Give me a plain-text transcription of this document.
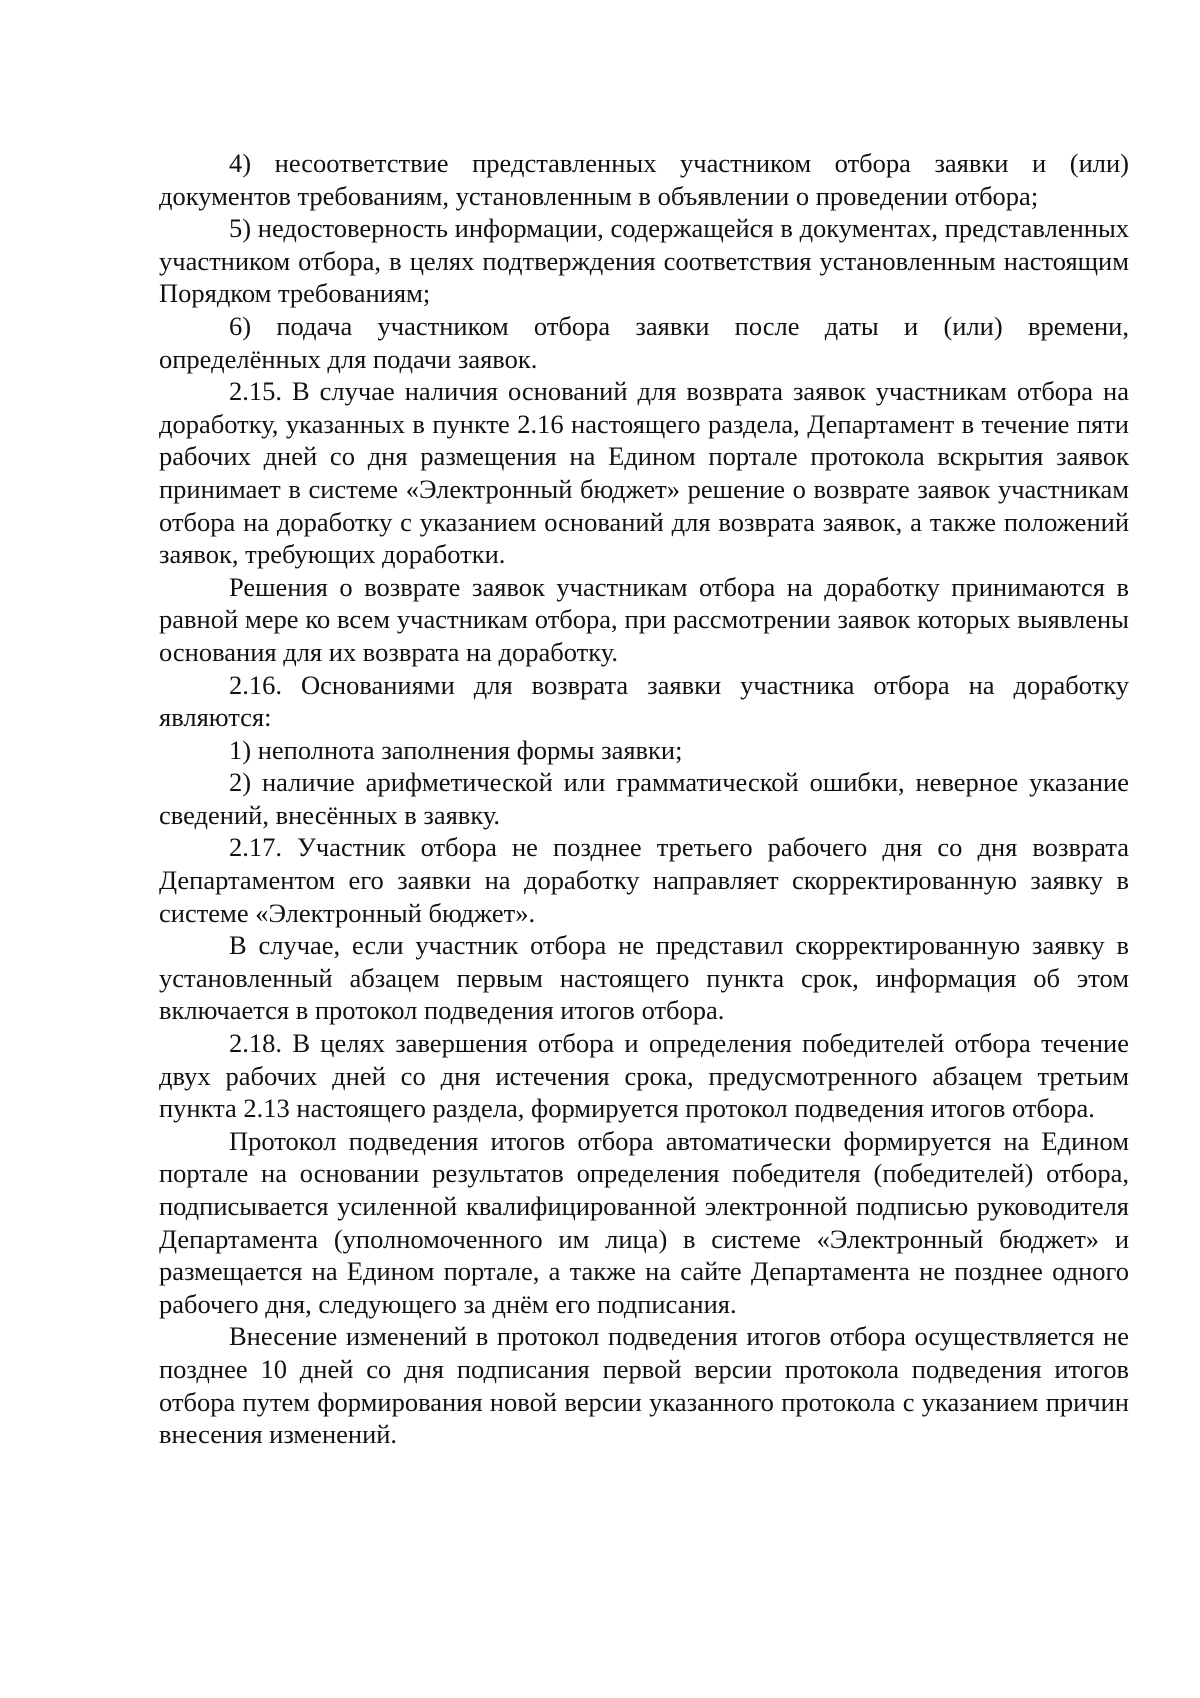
4) несоответствие представленных участником отбора заявки и (или) документов требованиям, установленным в объявлении о проведении отбора;

5) недостоверность информации, содержащейся в документах, представленных участником отбора, в целях подтверждения соответствия установленным настоящим Порядком требованиям;

6) подача участником отбора заявки после даты и (или) времени, определённых для подачи заявок.

2.15. В случае наличия оснований для возврата заявок участникам отбора на доработку, указанных в пункте 2.16 настоящего раздела, Департамент в течение пяти рабочих дней со дня размещения на Едином портале протокола вскрытия заявок принимает в системе «Электронный бюджет» решение о возврате заявок участникам отбора на доработку с указанием оснований для возврата заявок, а также положений заявок, требующих доработки.

Решения о возврате заявок участникам отбора на доработку принимаются в равной мере ко всем участникам отбора, при рассмотрении заявок которых выявлены основания для их возврата на доработку.

2.16. Основаниями для возврата заявки участника отбора на доработку являются:

1) неполнота заполнения формы заявки;

2) наличие арифметической или грамматической ошибки, неверное указание сведений, внесённых в заявку.

2.17. Участник отбора не позднее третьего рабочего дня со дня возврата Департаментом его заявки на доработку направляет скорректированную заявку в системе «Электронный бюджет».

В случае, если участник отбора не представил скорректированную заявку в установленный абзацем первым настоящего пункта срок, информация об этом включается в протокол подведения итогов отбора.

2.18. В целях завершения отбора и определения победителей отбора течение двух рабочих дней со дня истечения срока, предусмотренного абзацем третьим пункта 2.13 настоящего раздела, формируется протокол подведения итогов отбора.

Протокол подведения итогов отбора автоматически формируется на Едином портале на основании результатов определения победителя (победителей) отбора, подписывается усиленной квалифицированной электронной подписью руководителя Департамента (уполномоченного им лица) в системе «Электронный бюджет» и размещается на Едином портале, а также на сайте Департамента не позднее одного рабочего дня, следующего за днём его подписания.

Внесение изменений в протокол подведения итогов отбора осуществляется не позднее 10 дней со дня подписания первой версии протокола подведения итогов отбора путем формирования новой версии указанного протокола с указанием причин внесения изменений.
